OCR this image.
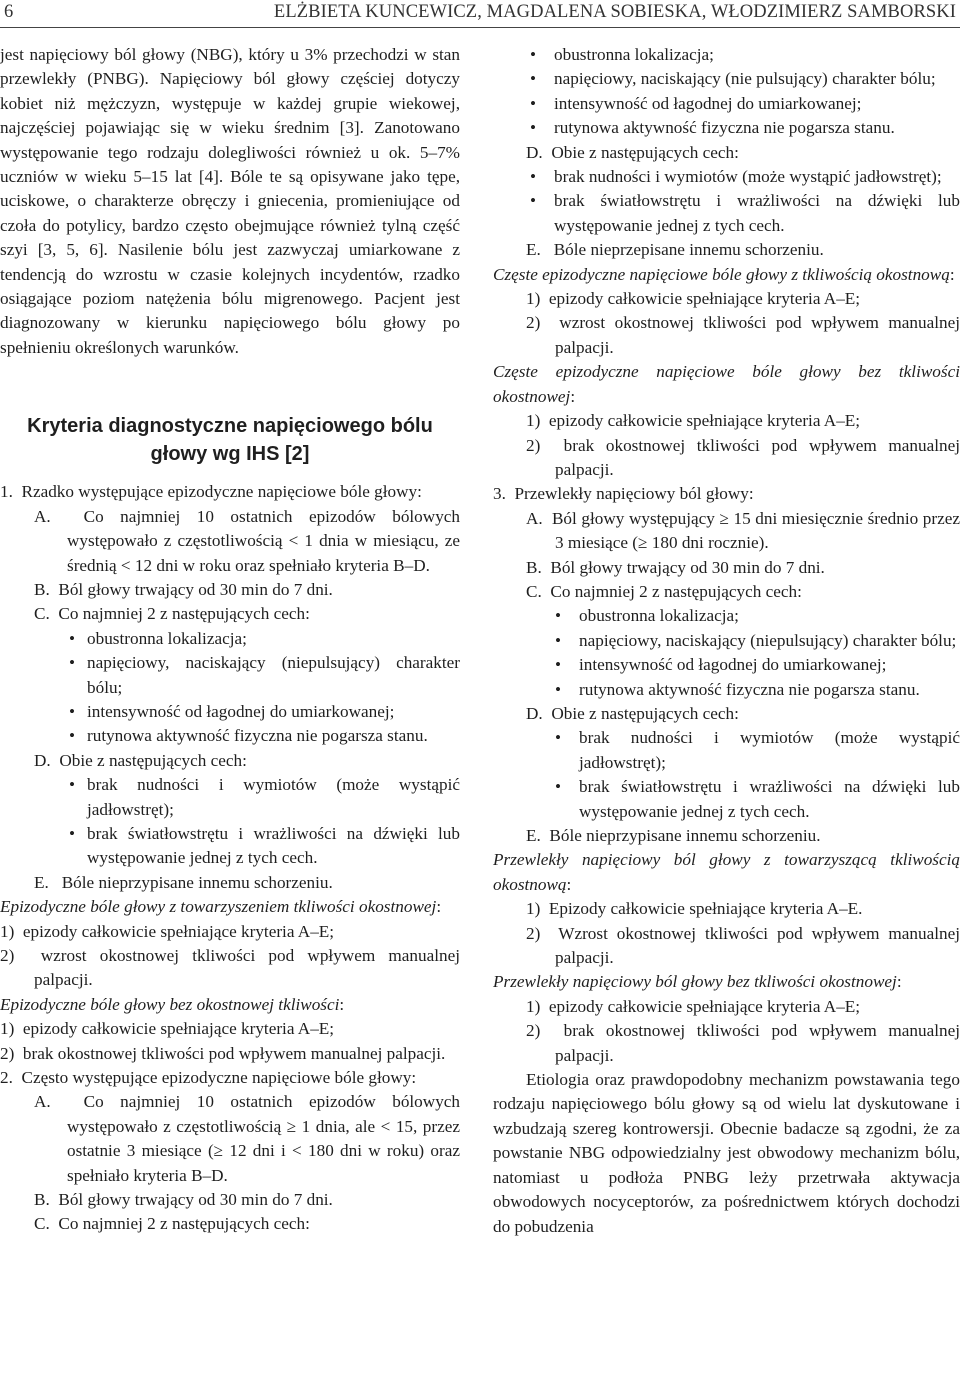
6	ELŻBIETA KUNCEWICZ, MAGDALENA SOBIESKA, WŁODZIMIERZ SAMBORSKI

jest napięciowy ból głowy (NBG), który u 3% przechodzi w stan przewlekły (PNBG). Napięciowy ból głowy częściej dotyczy kobiet niż mężczyzn, występuje w każdej grupie wiekowej, najczęściej pojawiając się w wieku średnim [3]. Zanotowano występowanie tego rodzaju dolegliwości również u ok. 5–7% uczniów w wieku 5–15 lat [4]. Bóle te są opisywane jako tępe, uciskowe, o charakterze obręczy i gniecenia, promieniujące od czoła do potylicy, bardzo często obejmujące również tylną część szyi [3, 5, 6]. Nasilenie bólu jest zazwyczaj umiarkowane z tendencją do wzrostu w czasie kolejnych incydentów, rzadko osiągające poziom natężenia bólu migrenowego. Pacjent jest diagnozowany w kierunku napięciowego bólu głowy po spełnieniu określonych warunków.

Kryteria diagnostyczne napięciowego bólu głowy wg IHS [2]

1. Rzadko występujące epizodyczne napięciowe bóle głowy:

A. Co najmniej 10 ostatnich epizodów bólowych występowało z częstotliwością < 1 dnia w miesiącu, ze średnią < 12 dni w roku oraz spełniało kryteria B–D.

B. Ból głowy trwający od 30 min do 7 dni.

C. Co najmniej 2 z następujących cech:

• obustronna lokalizacja;

• napięciowy, naciskający (niepulsujący) charakter bólu;

• intensywność od łagodnej do umiarkowanej;

• rutynowa aktywność fizyczna nie pogarsza stanu.

D. Obie z następujących cech:

• brak nudności i wymiotów (może wystąpić jadłowstręt);

• brak światłowstrętu i wrażliwości na dźwięki lub występowanie jednej z tych cech.

E. Bóle nieprzypisane innemu schorzeniu.

Epizodyczne bóle głowy z towarzyszeniem tkliwości okostnowej:

1)  epizody całkowicie spełniające kryteria A–E;

2)  wzrost okostnowej tkliwości pod wpływem manualnej palpacji.

Epizodyczne bóle głowy bez okostnowej tkliwości:

1)  epizody całkowicie spełniające kryteria A–E;

2)  brak okostnowej tkliwości pod wpływem manualnej palpacji.

2. Często występujące epizodyczne napięciowe bóle głowy:

A. Co najmniej 10 ostatnich epizodów bólowych występowało z częstotliwością ≥ 1 dnia, ale < 15, przez ostatnie 3 miesiące (≥ 12 dni i < 180 dni w roku) oraz spełniało kryteria B–D.

B. Ból głowy trwający od 30 min do 7 dni.

C. Co najmniej 2 z następujących cech:

• obustronna lokalizacja;

• napięciowy, naciskający (nie pulsujący) charakter bólu;

• intensywność od łagodnej do umiarkowanej;

• rutynowa aktywność fizyczna nie pogarsza stanu.

D. Obie z następujących cech:

• brak nudności i wymiotów (może wystąpić jadłowstręt);

• brak światłowstrętu i wrażliwości na dźwięki lub występowanie jednej z tych cech.

E. Bóle nieprzepisane innemu schorzeniu.

Częste epizodyczne napięciowe bóle głowy z tkliwością okostnową:

1)  epizody całkowicie spełniające kryteria A–E;

2)  wzrost okostnowej tkliwości pod wpływem manualnej palpacji.

Częste epizodyczne napięciowe bóle głowy bez tkliwości okostnowej:

1)  epizody całkowicie spełniające kryteria A–E;

2)  brak okostnowej tkliwości pod wpływem manualnej palpacji.

3. Przewlekły napięciowy ból głowy:

A. Ból głowy występujący ≥ 15 dni miesięcznie średnio przez 3 miesiące (≥ 180 dni rocznie).

B. Ból głowy trwający od 30 min do 7 dni.

C. Co najmniej 2 z następujących cech:

• obustronna lokalizacja;

• napięciowy, naciskający (niepulsujący) charakter bólu;

• intensywność od łagodnej do umiarkowanej;

• rutynowa aktywność fizyczna nie pogarsza stanu.

D. Obie z następujących cech:

• brak nudności i wymiotów (może wystąpić jadłowstręt);

• brak światłowstrętu i wrażliwości na dźwięki lub występowanie jednej z tych cech.

E. Bóle nieprzypisane innemu schorzeniu.

Przewlekły napięciowy ból głowy z towarzyszącą tkliwością okostnową:

1)  Epizody całkowicie spełniające kryteria A–E.

2)  Wzrost okostnowej tkliwości pod wpływem manualnej palpacji.

Przewlekły napięciowy ból głowy bez tkliwości okostnowej:

1)  epizody całkowicie spełniające kryteria A–E;

2)  brak okostnowej tkliwości pod wpływem manualnej palpacji.

Etiologia oraz prawdopodobny mechanizm powstawania tego rodzaju napięciowego bólu głowy są od wielu lat dyskutowane i wzbudzają szereg kontrowersji. Obecnie badacze są zgodni, że za powstanie NBG odpowiedzialny jest obwodowy mechanizm bólu, natomiast u podłoża PNBG leży przetrwała aktywacja obwodowych nocyceptorów, za pośrednictwem których dochodzi do pobudzenia
